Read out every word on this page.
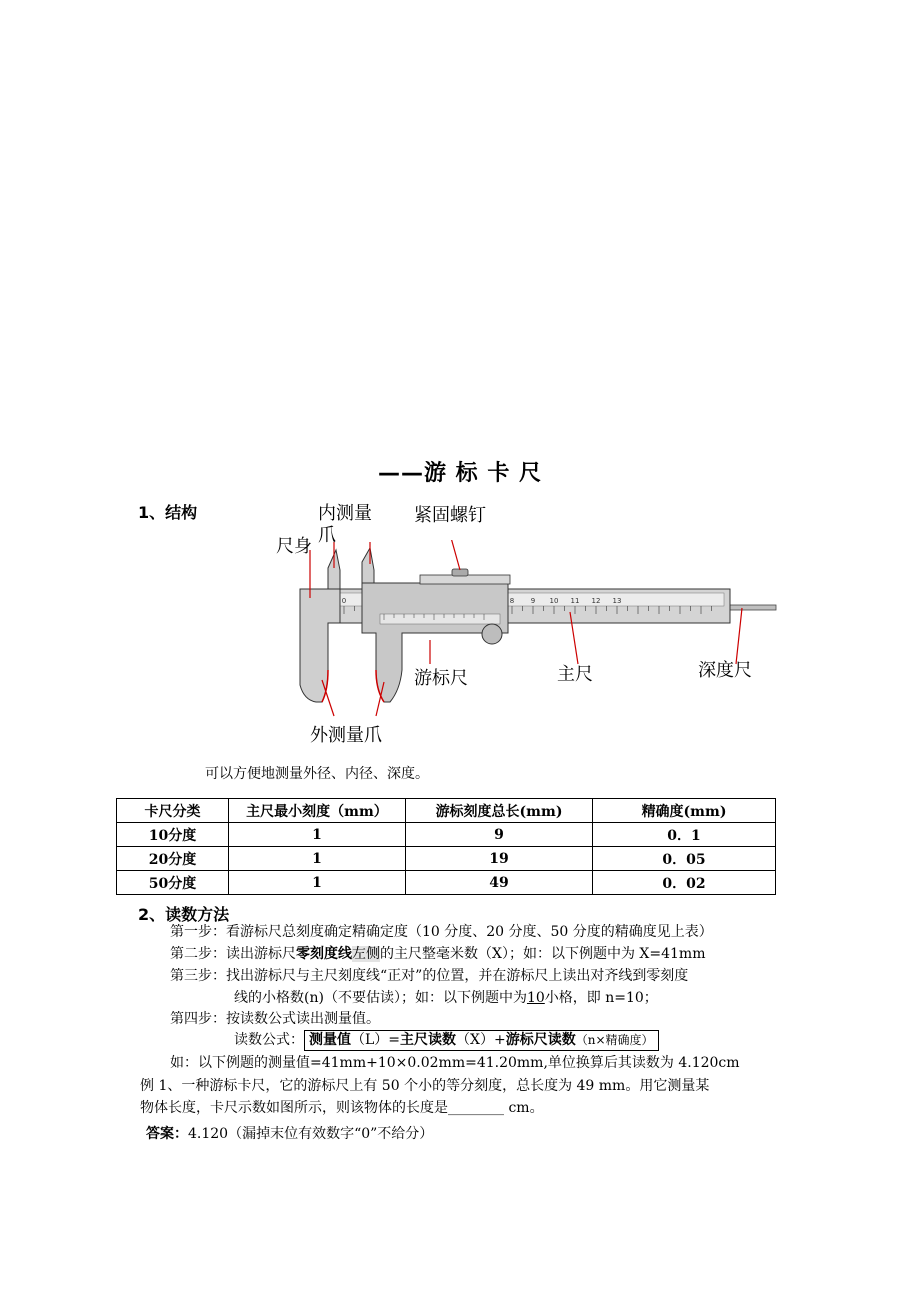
——游 标 卡 尺
1、结构
0	8 9 10 11 12 13
内测量
爪
紧固螺钉
尺身
游标尺	主尺	深度尺
外测量爪
可以方便地测量外径、内径、深度。
卡尺分类	主尺最小刻度（mm）	游标刻度总长(mm)	精确度(mm)
10分度	1	9	0．1
20分度	1	19	0．05
50分度	1	49	0．02
2、读数方法
第一步：看游标尺总刻度确定精确定度（10 分度、20 分度、50 分度的精确度见上表）
第二步：读出游标尺零刻度线左侧的主尺整毫米数（X）；如：以下例题中为 X=41mm
第三步：找出游标尺与主尺刻度线“正对”的位置，并在游标尺上读出对齐线到零刻度
线的小格数(n)（不要估读）；如：以下例题中为10小格，即 n=10；
第四步：按读数公式读出测量值。
读数公式： 测量值（L）=主尺读数（X）+游标尺读数（n×精确度）
如：以下例题的测量值=41mm+10×0.02mm=41.20mm,单位换算后其读数为 4.120cm
例 1、一种游标卡尺，它的游标尺上有 50 个小的等分刻度，总长度为 49 mm。用它测量某
物体长度，卡尺示数如图所示，则该物体的长度是________ cm。
答案：4.120（漏掉末位有效数字“0”不给分）
